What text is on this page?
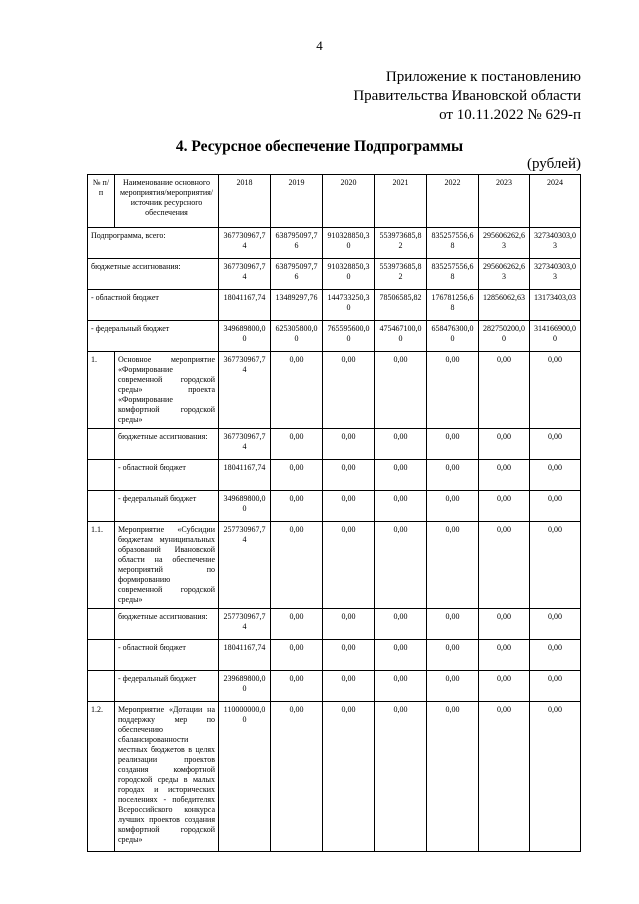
4
Приложение к постановлению
Правительства Ивановской области
от 10.11.2022 № 629-п
4. Ресурсное обеспечение Подпрограммы
(рублей)
№ п/п	Наименование основного мероприятия/мероприятия/источник ресурсного обеспечения	2018	2019	2020	2021	2022	2023	2024
Подпрограмма, всего:		367730967,74	638795097,76	910328850,30	553973685,82	835257556,68	295606262,63	327340303,03
бюджетные ассигнования:		367730967,74	638795097,76	910328850,30	553973685,82	835257556,68	295606262,63	327340303,03
- областной бюджет		18041167,74	13489297,76	144733250,30	78506585,82	176781256,68	12856062,63	13173403,03
- федеральный бюджет		349689800,00	625305800,00	765595600,00	475467100,00	658476300,00	282750200,00	314166900,00
1.	Основное мероприятие «Формирование современной городской среды» проекта «Формирование комфортной городской среды»	367730967,74	0,00	0,00	0,00	0,00	0,00	0,00
	бюджетные ассигнования:	367730967,74	0,00	0,00	0,00	0,00	0,00	0,00
	- областной бюджет	18041167,74	0,00	0,00	0,00	0,00	0,00	0,00
	- федеральный бюджет	349689800,00	0,00	0,00	0,00	0,00	0,00	0,00
1.1.	Мероприятие «Субсидии бюджетам муниципальных образований Ивановской области на обеспечение мероприятий по формированию современной городской среды»	257730967,74	0,00	0,00	0,00	0,00	0,00	0,00
	бюджетные ассигнования:	257730967,74	0,00	0,00	0,00	0,00	0,00	0,00
	- областной бюджет	18041167,74	0,00	0,00	0,00	0,00	0,00	0,00
	- федеральный бюджет	239689800,00	0,00	0,00	0,00	0,00	0,00	0,00
1.2.	Мероприятие «Дотации на поддержку мер по обеспечению сбалансированности местных бюджетов в целях реализации проектов создания комфортной городской среды в малых городах и исторических поселениях - победителях Всероссийского конкурса лучших проектов создания комфортной городской среды»	110000000,00	0,00	0,00	0,00	0,00	0,00	0,00
